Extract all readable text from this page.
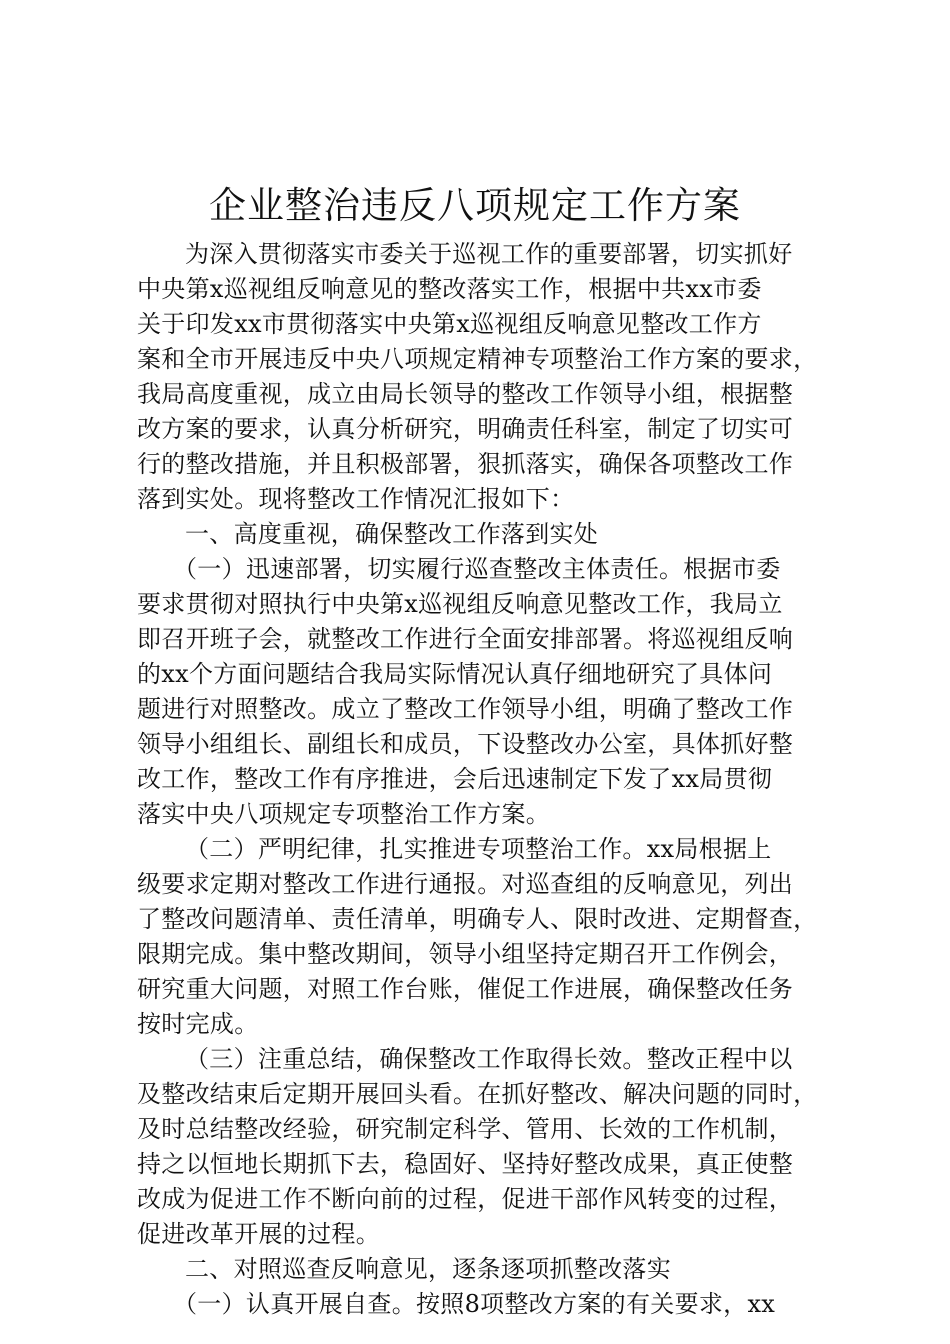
企业整治违反八项规定工作方案
为深入贯彻落实市委关于巡视工作的重要部署，切实抓好
中央第x巡视组反响意见的整改落实工作，根据中共xx市委
关于印发xx市贯彻落实中央第x巡视组反响意见整改工作方
案和全市开展违反中央八项规定精神专项整治工作方案的要求，
我局高度重视，成立由局长领导的整改工作领导小组，根据整
改方案的要求，认真分析研究，明确责任科室，制定了切实可
行的整改措施，并且积极部署，狠抓落实，确保各项整改工作
落到实处。现将整改工作情况汇报如下：
一、高度重视，确保整改工作落到实处
（一）迅速部署，切实履行巡查整改主体责任。根据市委
要求贯彻对照执行中央第x巡视组反响意见整改工作，我局立
即召开班子会，就整改工作进行全面安排部署。将巡视组反响
的xx个方面问题结合我局实际情况认真仔细地研究了具体问
题进行对照整改。成立了整改工作领导小组，明确了整改工作
领导小组组长、副组长和成员，下设整改办公室，具体抓好整
改工作，整改工作有序推进，会后迅速制定下发了xx局贯彻
落实中央八项规定专项整治工作方案。
（二）严明纪律，扎实推进专项整治工作。xx局根据上
级要求定期对整改工作进行通报。对巡查组的反响意见，列出
了整改问题清单、责任清单，明确专人、限时改进、定期督查，
限期完成。集中整改期间，领导小组坚持定期召开工作例会，
研究重大问题，对照工作台账，催促工作进展，确保整改任务
按时完成。
（三）注重总结，确保整改工作取得长效。整改正程中以
及整改结束后定期开展回头看。在抓好整改、解决问题的同时，
及时总结整改经验，研究制定科学、管用、长效的工作机制，
持之以恒地长期抓下去，稳固好、坚持好整改成果，真正使整
改成为促进工作不断向前的过程，促进干部作风转变的过程，
促进改革开展的过程。
二、对照巡查反响意见，逐条逐项抓整改落实
（一）认真开展自查。按照8项整改方案的有关要求，xx
